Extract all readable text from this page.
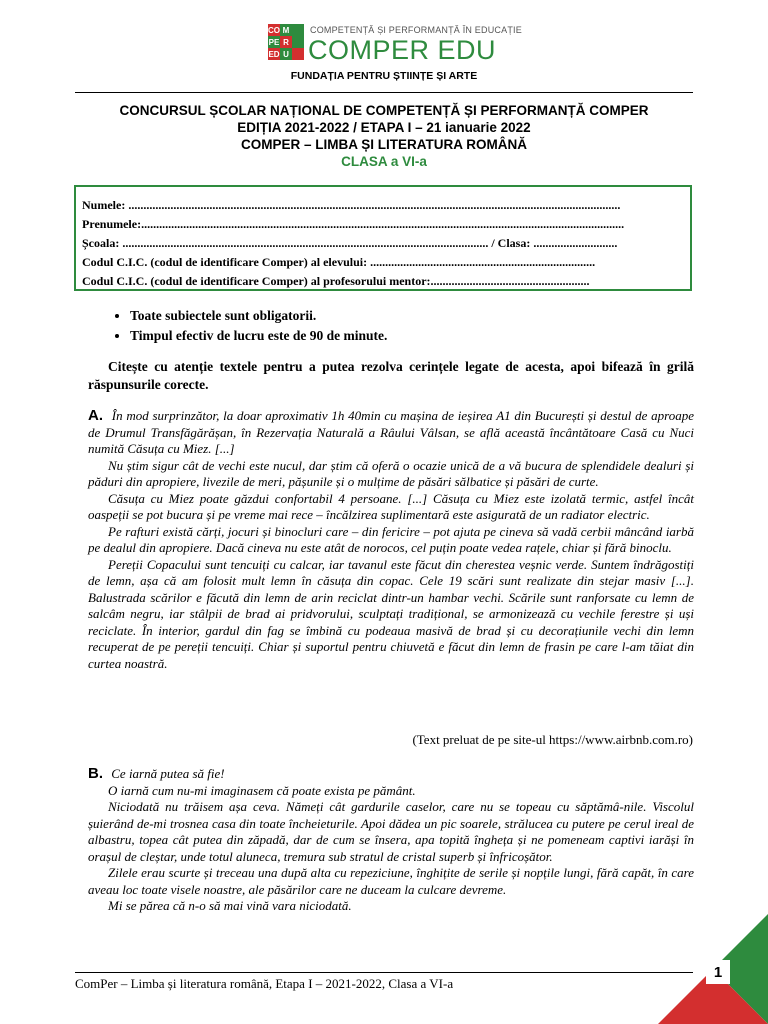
CO M
PE R
ED U
COMPETENȚĂ ȘI PERFORMANȚĂ ÎN EDUCAȚIE
COMPER EDU
FUNDAȚIA PENTRU ȘTIINȚE ȘI ARTE
CONCURSUL ȘCOLAR NAȚIONAL DE COMPETENȚĂ ȘI PERFORMANȚĂ COMPER
EDIȚIA 2021-2022 / ETAPA I – 21 ianuarie 2022
COMPER – LIMBA ȘI LITERATURA ROMÂNĂ
CLASA a VI-a
Numele: ....................................................................................................................................................................
Prenumele:.................................................................................................................................................................
Școala: .......................................................................................................................... / Clasa: ............................
Codul C.I.C. (codul de identificare Comper) al elevului: ...........................................................................
Codul C.I.C. (codul de identificare Comper) al profesorului mentor:.....................................................
• Toate subiectele sunt obligatorii.
• Timpul efectiv de lucru este de 90 de minute.
Citește cu atenție textele pentru a putea rezolva cerințele legate de acesta, apoi bifează în grilă răspunsurile corecte.

A. În mod surprinzător, la doar aproximativ 1h 40min cu mașina de ieșirea A1 din București și destul de aproape de Drumul Transfăgărășan, în Rezervația Naturală a Râului Vâlsan, se află această încântătoare Casă cu Nuci numită Căsuța cu Miez. [...]

Nu știm sigur cât de vechi este nucul, dar știm că oferă o ocazie unică de a vă bucura de splendidele dealuri și păduri din apropiere, livezile de meri, pășunile și o mulțime de păsări sălbatice și păsări de curte.

Căsuța cu Miez poate găzdui confortabil 4 persoane. [...] Căsuța cu Miez este izolată termic, astfel încât oaspeții se pot bucura și pe vreme mai rece – încălzirea suplimentară este asigurată de un radiator electric.

Pe rafturi există cărți, jocuri și binocluri care – din fericire – pot ajuta pe cineva să vadă cerbii mâncând iarbă pe dealul din apropiere. Dacă cineva nu este atât de norocos, cel puțin poate vedea rațele, chiar și fără binoclu.

Pereții Copacului sunt tencuiți cu calcar, iar tavanul este făcut din cherestea veșnic verde. Suntem îndrăgostiți de lemn, așa că am folosit mult lemn în căsuța din copac. Cele 19 scări sunt realizate din stejar masiv [...]. Balustrada scărilor e făcută din lemn de arin reciclat dintr-un hambar vechi. Scările sunt ranforsate cu lemn de salcâm negru, iar stâlpii de brad ai pridvorului, sculptați tradițional, se armonizează cu vechile ferestre și uși reciclate. În interior, gardul din fag se îmbină cu podeaua masivă de brad și cu decorațiunile vechi din lemn recuperat de pe pereții tencuiți. Chiar și suportul pentru chiuvetă e făcut din lemn de frasin pe care l-am tăiat din curtea noastră.

(Text preluat de pe site-ul https://www.airbnb.com.ro)

B. Ce iarnă putea să fie!

O iarnă cum nu-mi imaginasem că poate exista pe pământ.

Niciodată nu trăisem așa ceva. Nămeți cât gardurile caselor, care nu se topeau cu săptămâ-nile. Viscolul șuierând de-mi trosnea casa din toate încheieturile. Apoi dădea un pic soarele, strălucea cu putere pe cerul ireal de albastru, topea cât putea din zăpadă, dar de cum se însera, apa topită îngheța și ne pomeneam captivi iarăși în orașul de cleștar, unde totul aluneca, tremura sub stratul de cristal superb și înfricoșător.

Zilele erau scurte și treceau una după alta cu repeziciune, înghițite de serile și nopțile lungi, fără capăt, în care aveau loc toate visele noastre, ale păsărilor care ne duceam la culcare devreme.

Mi se părea că n-o să mai vină vara niciodată.

ComPer – Limba și literatura română, Etapa I – 2021-2022, Clasa a VI-a
1
